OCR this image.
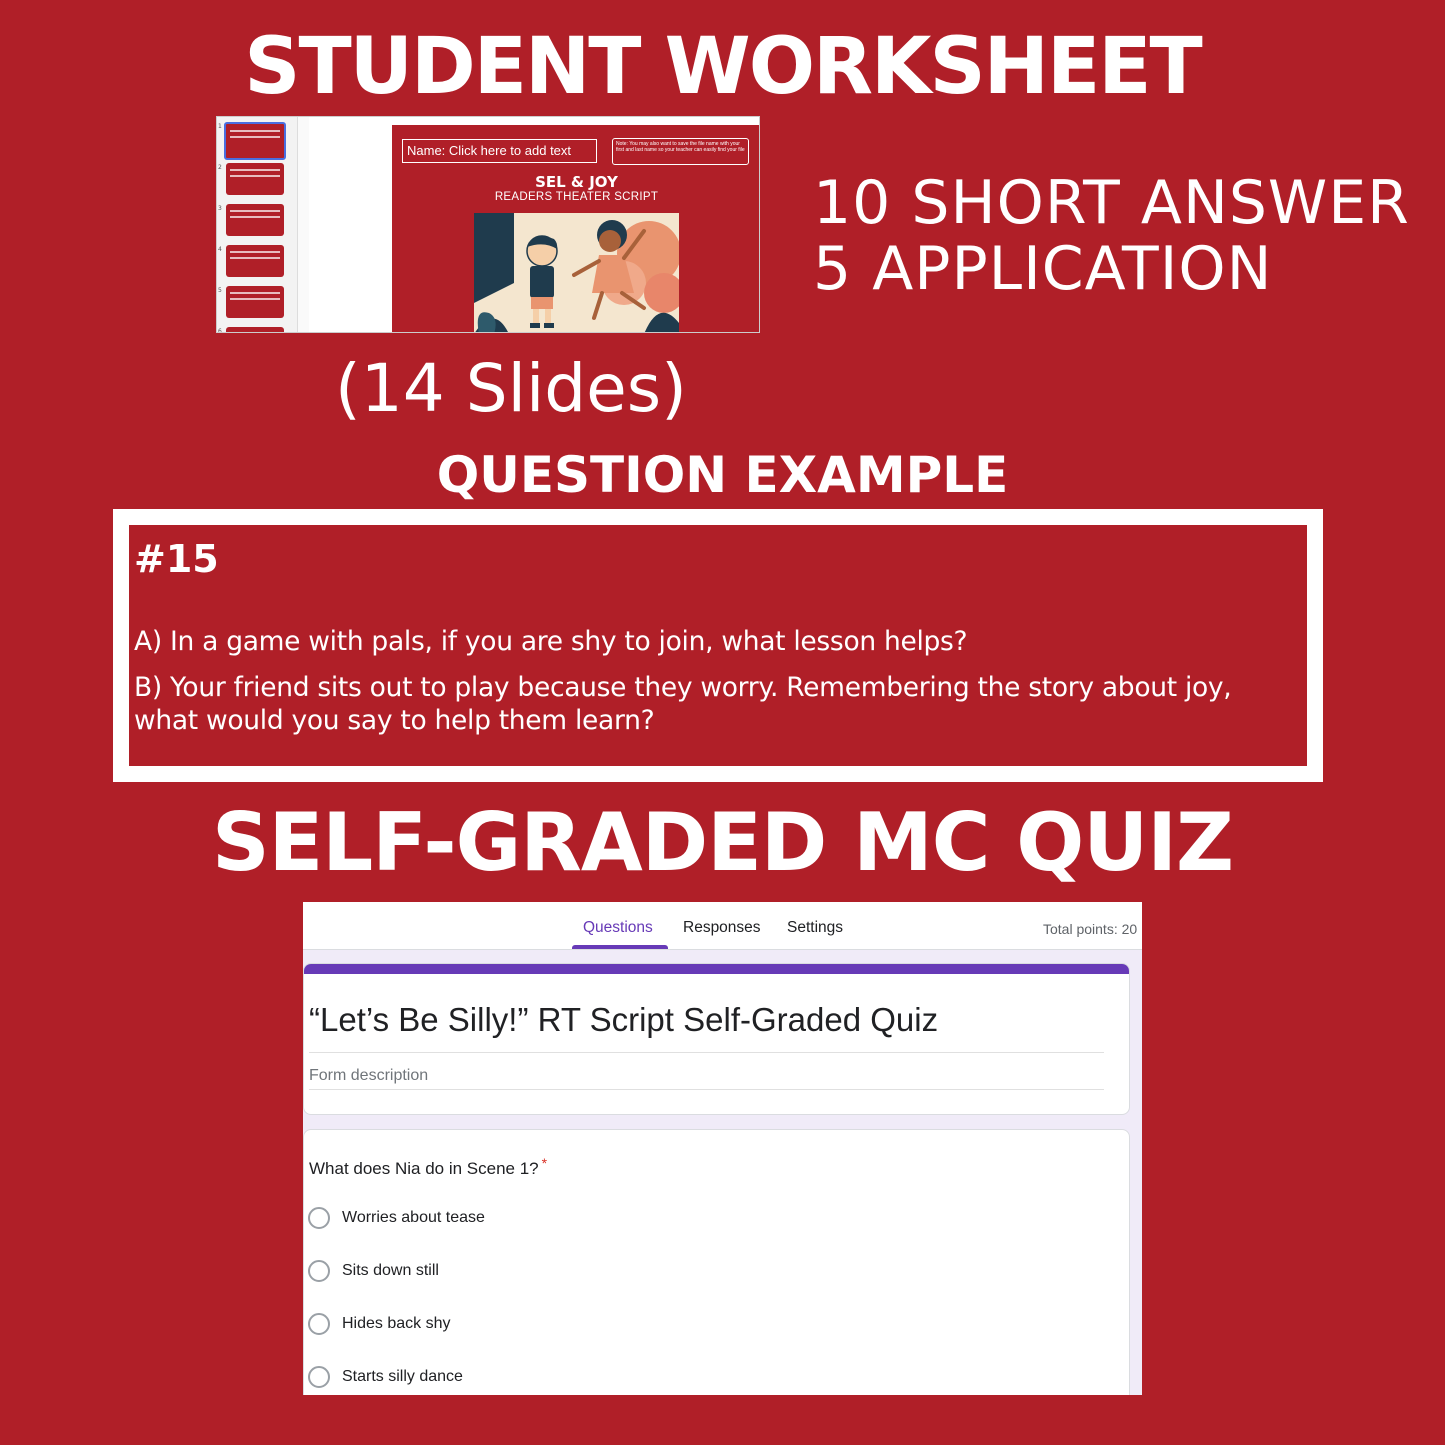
STUDENT WORKSHEET
1
2
3
4
5
6
Name: Click here to add text	Note: You may also want to save the file name with your first and last name so your teacher can easily find your file
SEL & JOY
READERS THEATER SCRIPT	10 SHORT ANSWER
5 APPLICATION
(14 Slides)
QUESTION EXAMPLE
#15
A) In a game with pals, if you are shy to join, what lesson helps?
B) Your friend sits out to play because they worry. Remembering the story about joy, what would you say to help them learn?
SELF-GRADED MC QUIZ
Questions Responses Settings	Total points: 20
“Let’s Be Silly!” RT Script Self-Graded Quiz
Form description
What does Nia do in Scene 1? *
Worries about tease
Sits down still
Hides back shy
Starts silly dance
